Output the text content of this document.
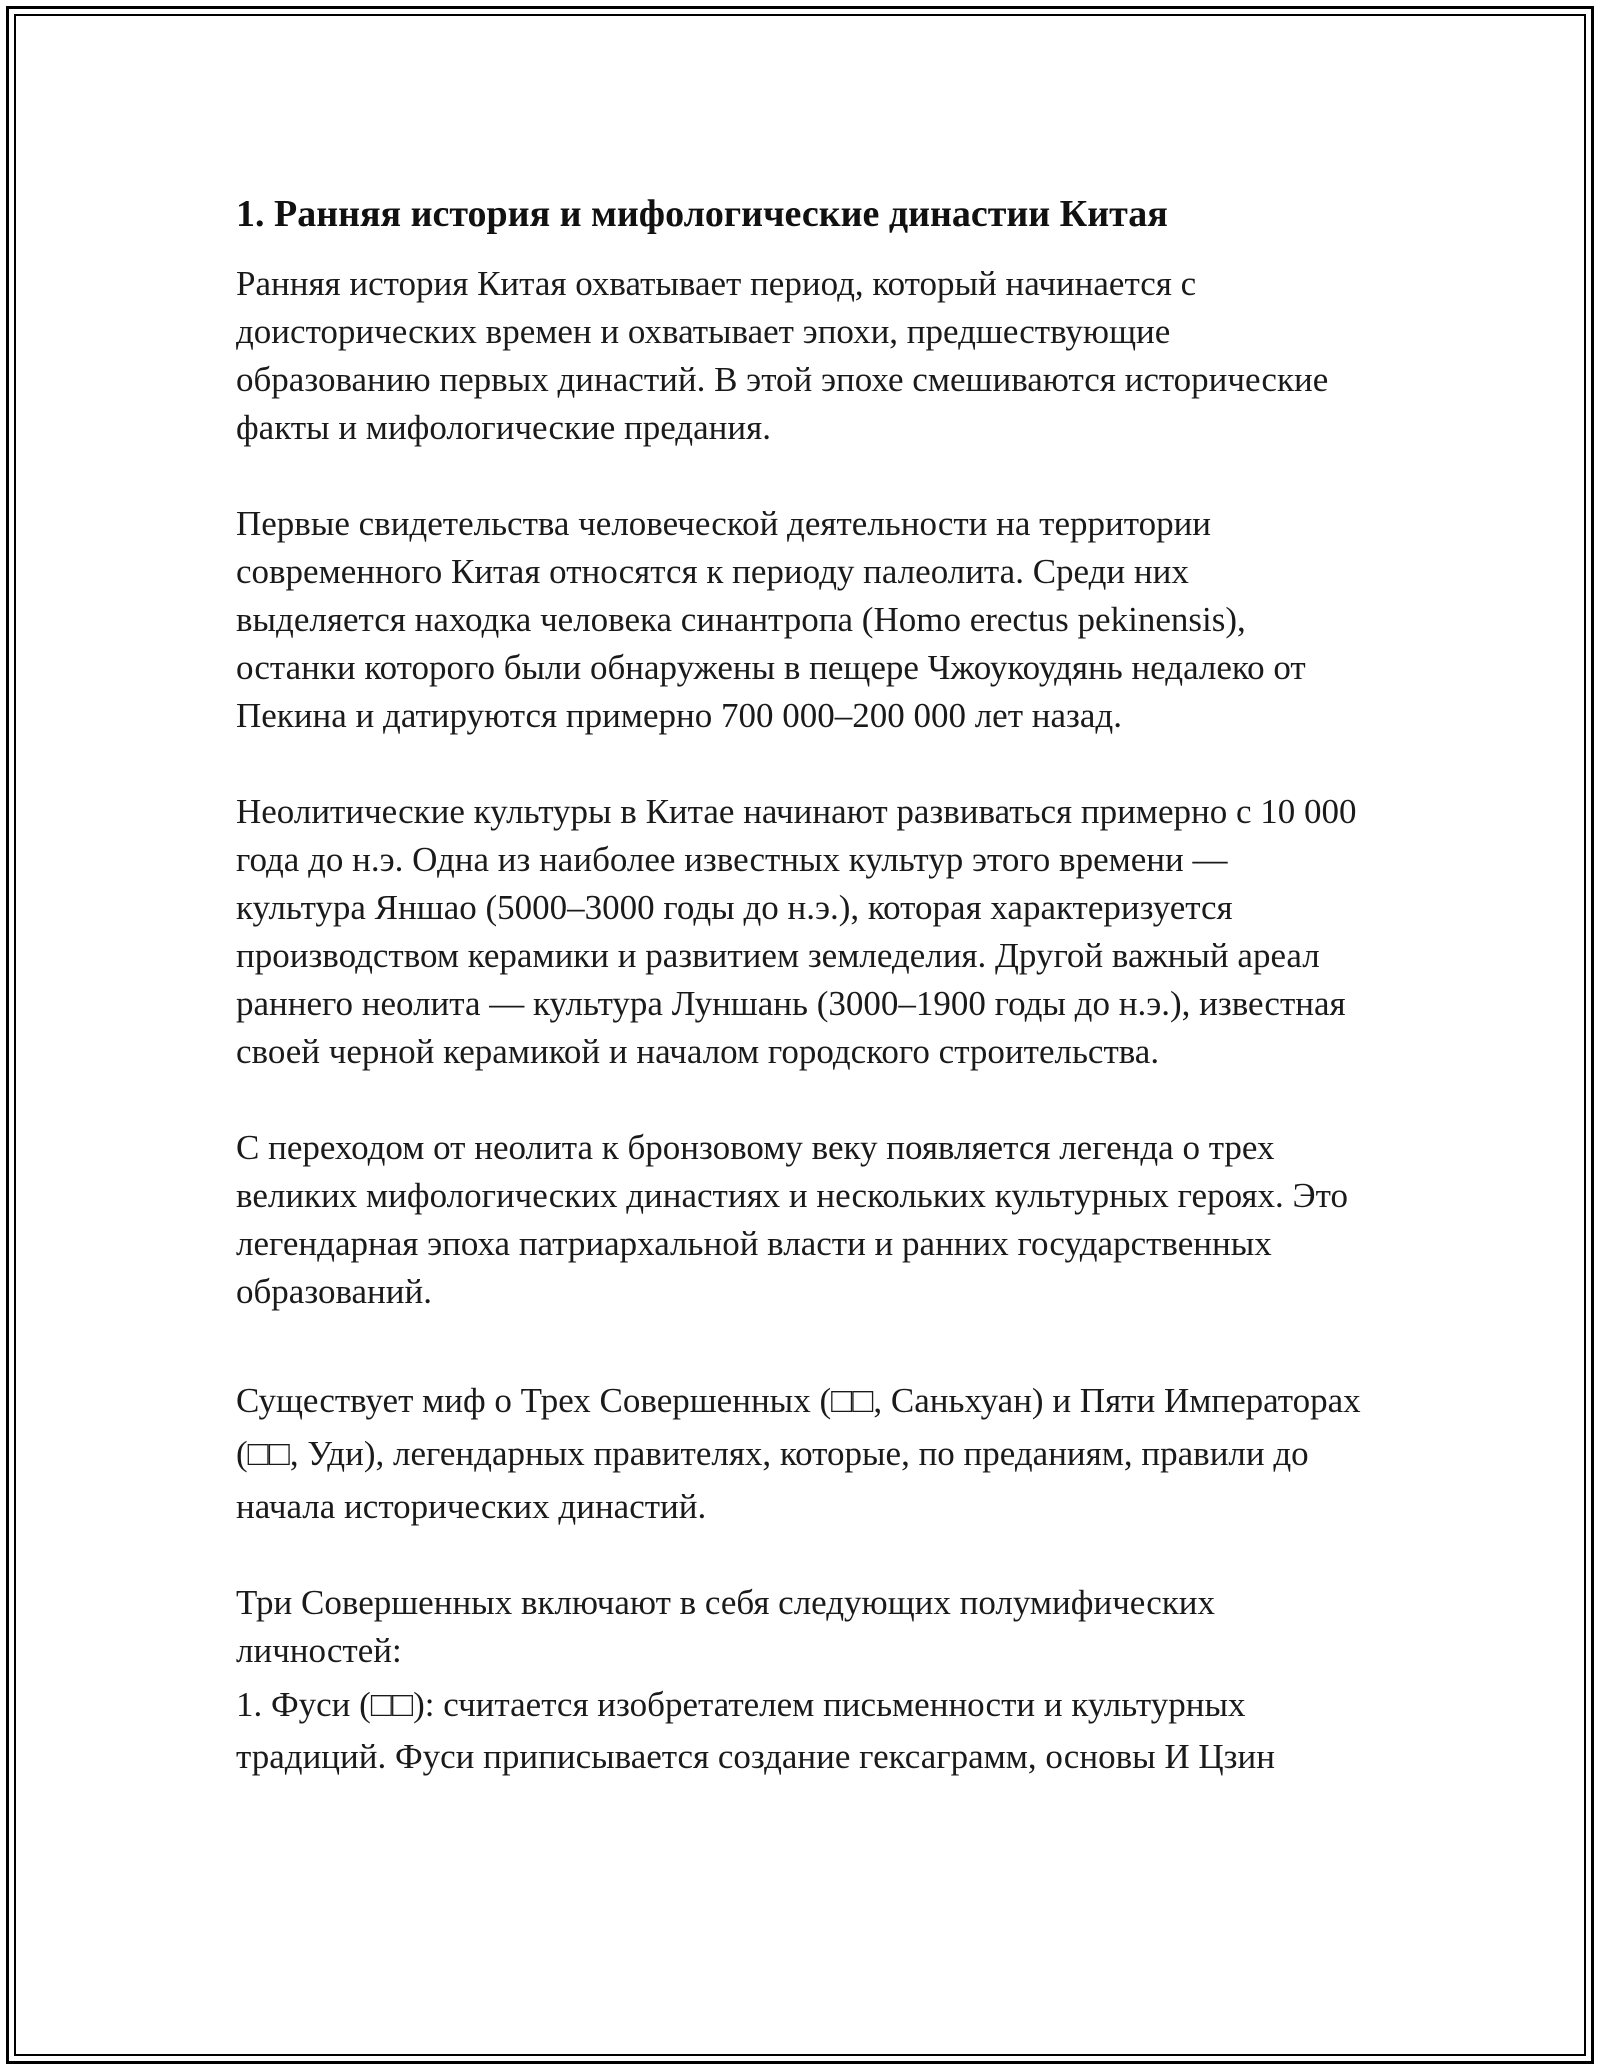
1. Ранняя история и мифологические династии Китая

Ранняя история Китая охватывает период, который начинается с доисторических времен и охватывает эпохи, предшествующие образованию первых династий. В этой эпохе смешиваются исторические факты и мифологические предания.

Первые свидетельства человеческой деятельности на территории современного Китая относятся к периоду палеолита. Среди них выделяется находка человека синантропа (Homo erectus pekinensis), останки которого были обнаружены в пещере Чжоукоудянь недалеко от Пекина и датируются примерно 700 000–200 000 лет назад.

Неолитические культуры в Китае начинают развиваться примерно с 10 000 года до н.э. Одна из наиболее известных культур этого времени — культура Яншао (5000–3000 годы до н.э.), которая характеризуется производством керамики и развитием земледелия. Другой важный ареал раннего неолита — культура Луншань (3000–1900 годы до н.э.), известная своей черной керамикой и началом городского строительства.

С переходом от неолита к бронзовому веку появляется легенда о трех великих мифологических династиях и нескольких культурных героях. Это легендарная эпоха патриархальной власти и ранних государственных образований.

Существует миф о Трех Совершенных (□□, Саньхуан) и Пяти Императорах (□□, Уди), легендарных правителях, которые, по преданиям, правили до начала исторических династий.

Три Совершенных включают в себя следующих полумифических личностей:

1. Фуси (□□): считается изобретателем письменности и культурных традиций. Фуси приписывается создание гексаграмм, основы И Цзин
